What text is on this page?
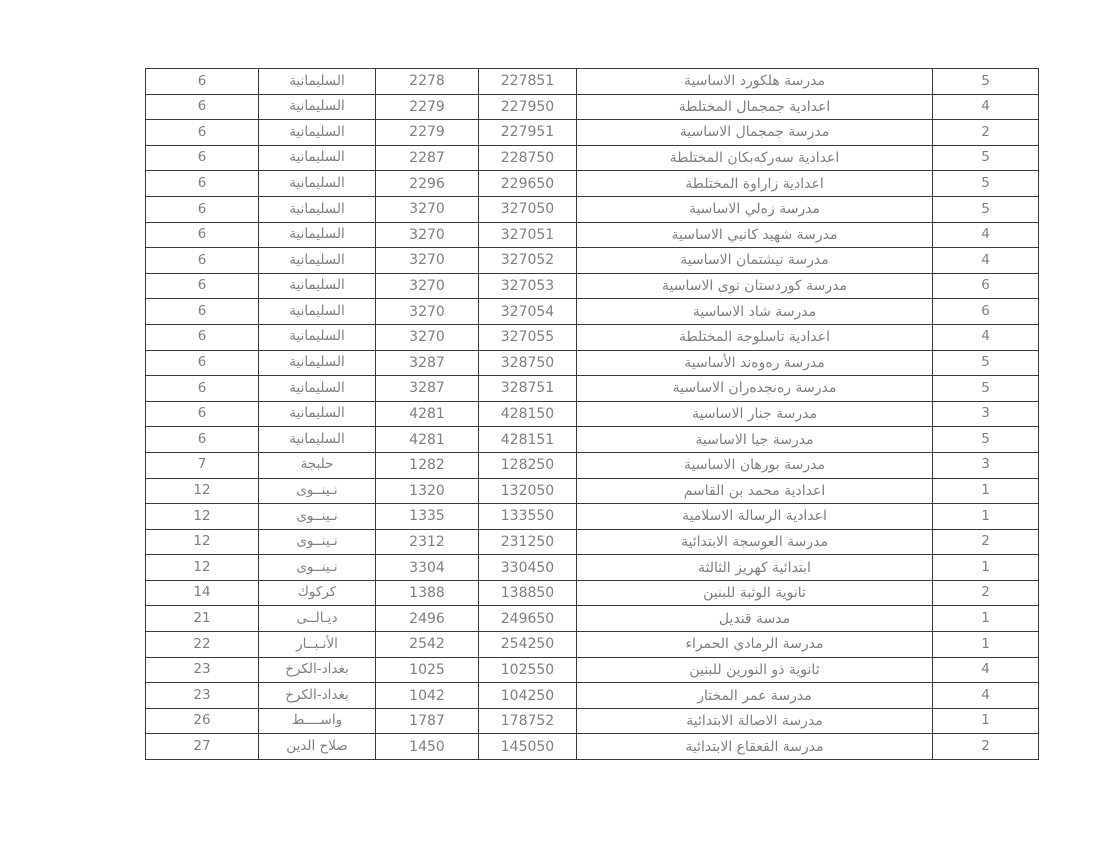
5	مدرسة هلكورد الاساسية	227851	2278	السليمانية	6
4	اعدادية جمجمال المختلطة	227950	2279	السليمانية	6
2	مدرسة جمجمال الاساسية	227951	2279	السليمانية	6
5	اعدادية سەركەبكان المختلطة	228750	2287	السليمانية	6
5	اعدادية زاراوة المختلطة	229650	2296	السليمانية	6
5	مدرسة زەلي الاساسية	327050	3270	السليمانية	6
4	مدرسة شهيد كانبي الاساسية	327051	3270	السليمانية	6
4	مدرسة نيشتمان الاساسية	327052	3270	السليمانية	6
6	مدرسة كوردستان نوى الاساسية	327053	3270	السليمانية	6
6	مدرسة شاد الاساسية	327054	3270	السليمانية	6
4	اعدادية تاسلوجة المختلطة	327055	3270	السليمانية	6
5	مدرسة رەوەند الأساسية	328750	3287	السليمانية	6
5	مدرسة رەنجدەران الاساسية	328751	3287	السليمانية	6
3	مدرسة جنار الاساسية	428150	4281	السليمانية	6
5	مدرسة جيا الاساسية	428151	4281	السليمانية	6
3	مدرسة بورهان الاساسية	128250	1282	حلبجة	7
1	اعدادية محمد بن القاسم	132050	1320	نـينــوى	12
1	اعدادية الرسالة الاسلامية	133550	1335	نـينــوى	12
2	مدرسة العوسجة الابتدائية	231250	2312	نـينــوى	12
1	ابتدائية كهريز الثالثة	330450	3304	نـينــوى	12
2	ثانوية الوثبة للبنين	138850	1388	كركوك	14
1	مدسة قنديل	249650	2496	ديـالــى	21
1	مدرسة الرمادي الحمراء	254250	2542	الأنـبــار	22
4	ثانوية ذو النورين للبنين	102550	1025	بغداد-الكرخ	23
4	مدرسة عمر المختار	104250	1042	بغداد-الكرخ	23
1	مدرسة الاصالة الابتدائية	178752	1787	واســــط	26
2	مدرسة القعقاع الابتدائية	145050	1450	صلاح الدين	27
